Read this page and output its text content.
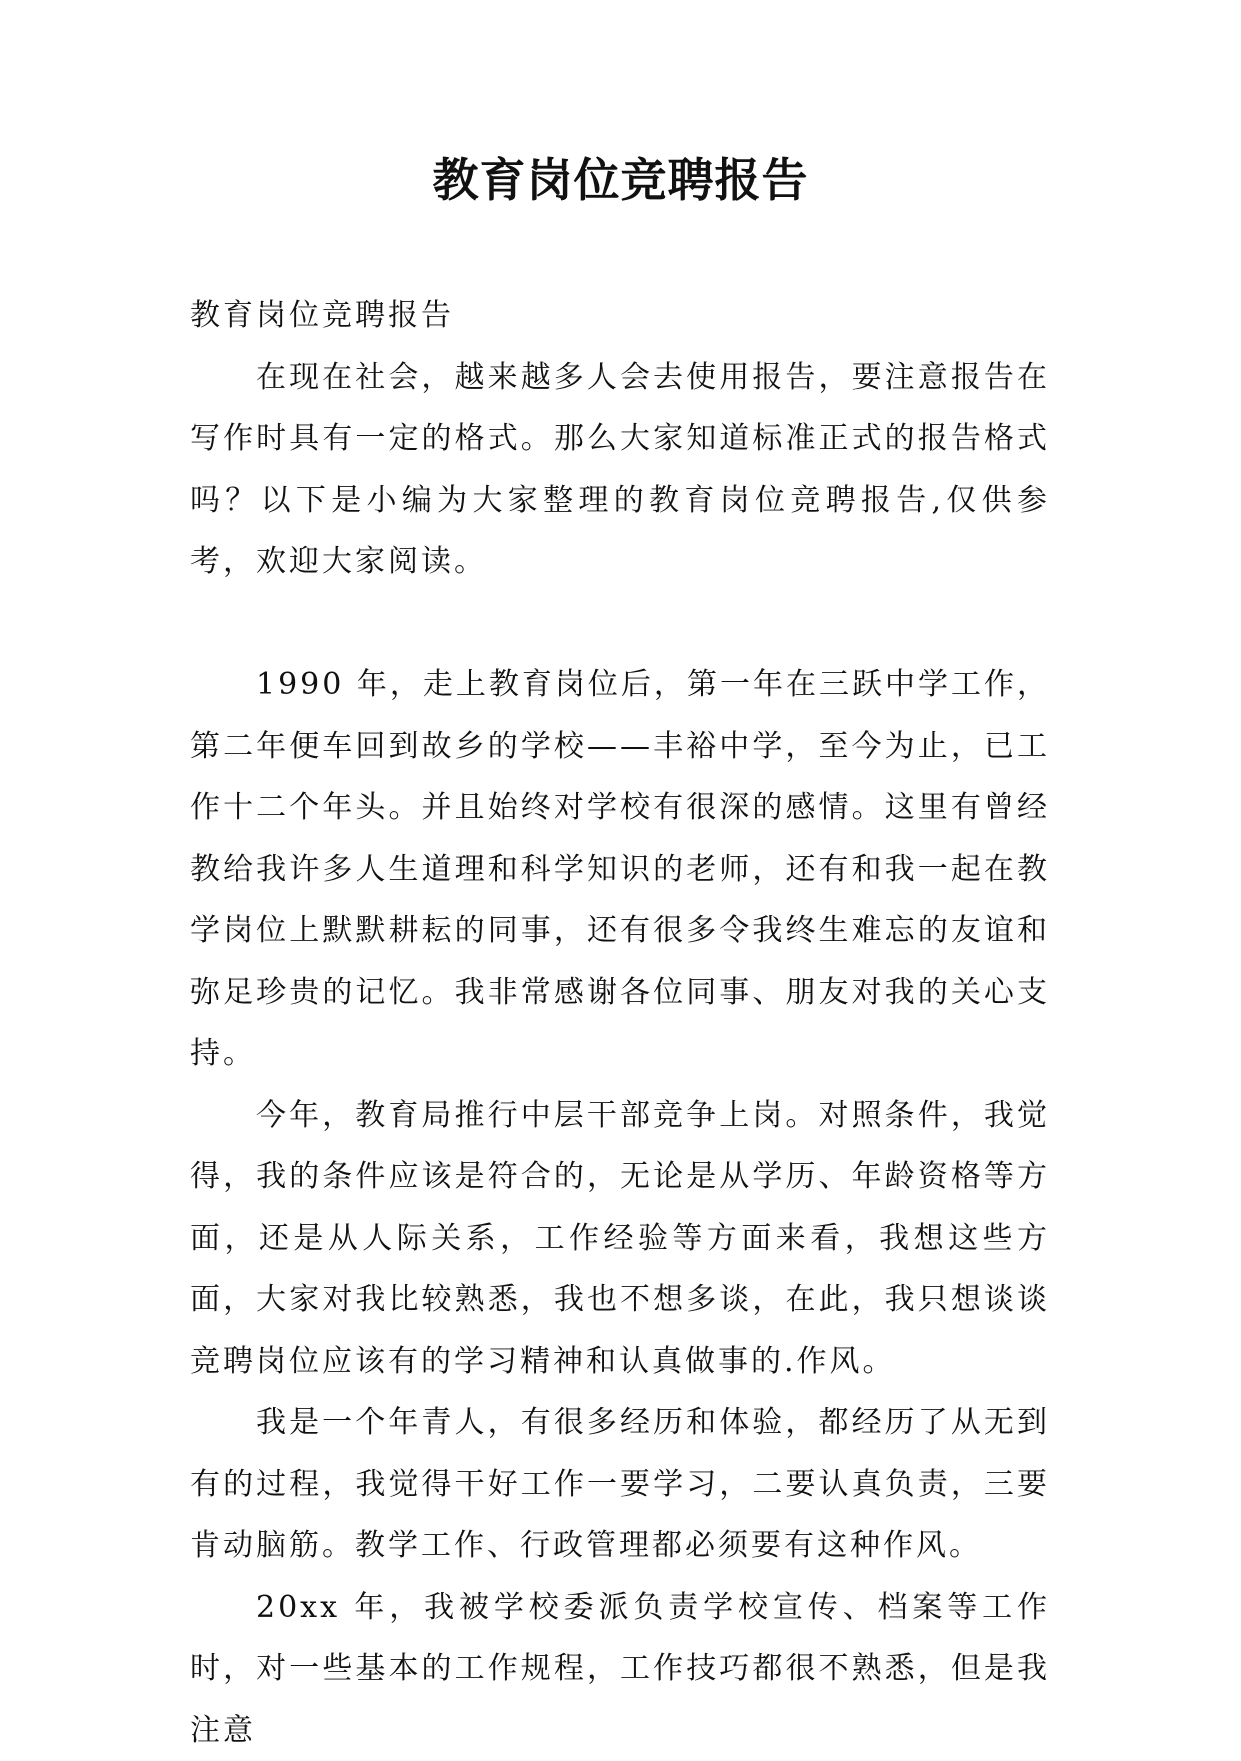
教育岗位竞聘报告

教育岗位竞聘报告

在现在社会，越来越多人会去使用报告，要注意报告在写作时具有一定的格式。那么大家知道标准正式的报告格式吗？以下是小编为大家整理的教育岗位竞聘报告,仅供参考，欢迎大家阅读。

1990 年，走上教育岗位后，第一年在三跃中学工作，第二年便车回到故乡的学校——丰裕中学，至今为止，已工作十二个年头。并且始终对学校有很深的感情。这里有曾经教给我许多人生道理和科学知识的老师，还有和我一起在教学岗位上默默耕耘的同事，还有很多令我终生难忘的友谊和弥足珍贵的记忆。我非常感谢各位同事、朋友对我的关心支持。

今年，教育局推行中层干部竞争上岗。对照条件，我觉得，我的条件应该是符合的，无论是从学历、年龄资格等方面，还是从人际关系，工作经验等方面来看，我想这些方面，大家对我比较熟悉，我也不想多谈，在此，我只想谈谈竞聘岗位应该有的学习精神和认真做事的.作风。

我是一个年青人，有很多经历和体验，都经历了从无到有的过程，我觉得干好工作一要学习，二要认真负责，三要肯动脑筋。教学工作、行政管理都必须要有这种作风。

20xx 年，我被学校委派负责学校宣传、档案等工作时，对一些基本的工作规程，工作技巧都很不熟悉，但是我注意
